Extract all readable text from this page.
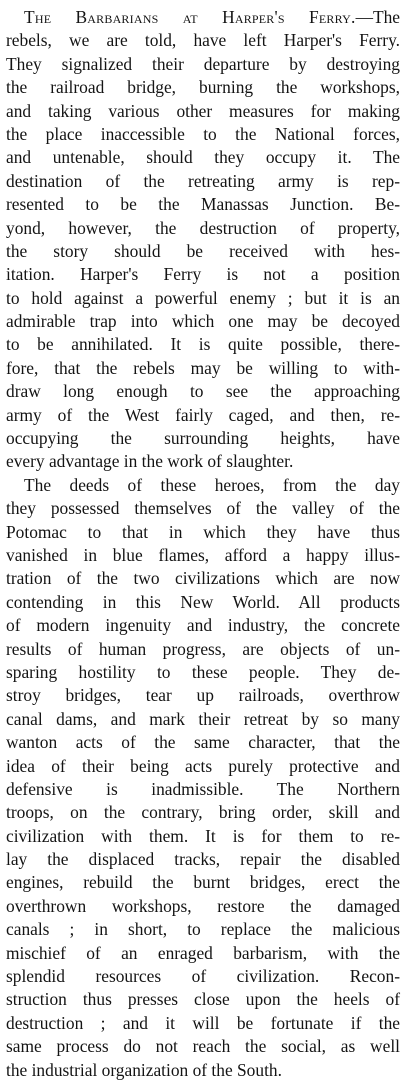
The Barbarians at Harper's Ferry.—The
rebels, we are told, have left Harper's Ferry.
They signalized their departure by destroying
the railroad bridge, burning the workshops,
and taking various other measures for making
the place inaccessible to the National forces,
and untenable, should they occupy it. The
destination of the retreating army is rep-
resented to be the Manassas Junction. Be-
yond, however, the destruction of property,
the story should be received with hes-
itation. Harper's Ferry is not a position
to hold against a powerful enemy ; but it is an
admirable trap into which one may be decoyed
to be annihilated. It is quite possible, there-
fore, that the rebels may be willing to with-
draw long enough to see the approaching
army of the West fairly caged, and then, re-
occupying the surrounding heights, have
every advantage in the work of slaughter.
The deeds of these heroes, from the day
they possessed themselves of the valley of the
Potomac to that in which they have thus
vanished in blue flames, afford a happy illus-
tration of the two civilizations which are now
contending in this New World. All products
of modern ingenuity and industry, the concrete
results of human progress, are objects of un-
sparing hostility to these people. They de-
stroy bridges, tear up railroads, overthrow
canal dams, and mark their retreat by so many
wanton acts of the same character, that the
idea of their being acts purely protective and
defensive is inadmissible. The Northern
troops, on the contrary, bring order, skill and
civilization with them. It is for them to re-
lay the displaced tracks, repair the disabled
engines, rebuild the burnt bridges, erect the
overthrown workshops, restore the damaged
canals ; in short, to replace the malicious
mischief of an enraged barbarism, with the
splendid resources of civilization. Recon-
struction thus presses close upon the heels of
destruction ; and it will be fortunate if the
same process do not reach the social, as well
the industrial organization of the South.
